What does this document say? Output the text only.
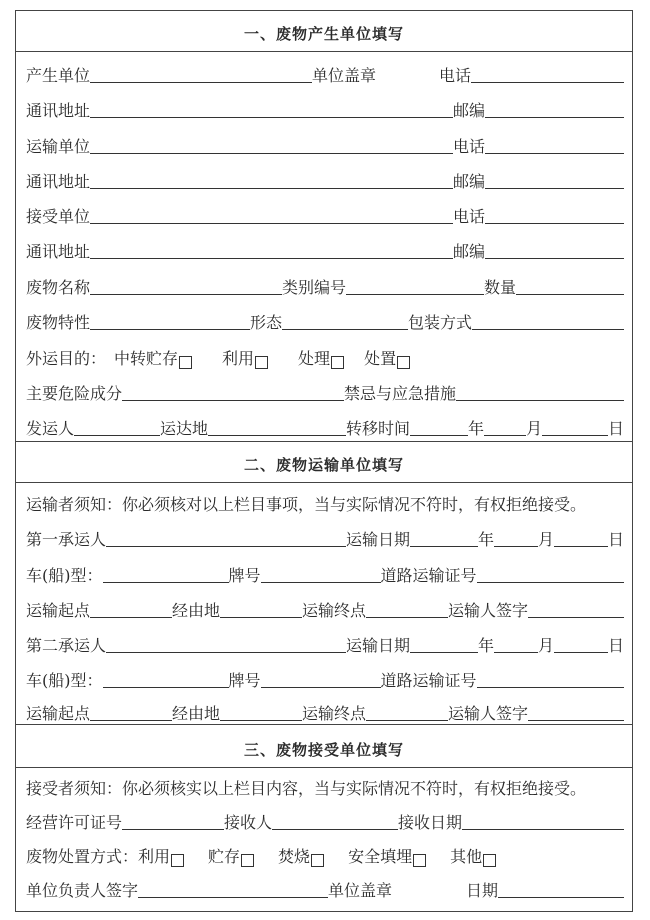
一、废物产生单位填写
产生单位	单位盖章	电话
通讯地址	邮编
运输单位	电话
通讯地址	邮编
接受单位	电话
通讯地址	邮编
废物名称	类别编号	数量
废物特性	形态	包装方式
外运目的： 中转贮存	利用	处理 处置
主要危险成分	禁忌与应急措施
发运人	运达地	转移时间	年	月	日
二、废物运输单位填写
运输者须知：你必须核对以上栏目事项，当与实际情况不符时，有权拒绝接受。
第一承运人	运输日期	年	月	日
车(船)型：	牌号	道路运输证号
运输起点	经由地	运输终点	运输人签字
第二承运人	运输日期	年	月	日
车(船)型：	牌号	道路运输证号
运输起点	经由地	运输终点	运输人签字
三、废物接受单位填写
接受者须知：你必须核实以上栏目内容，当与实际情况不符时，有权拒绝接受。
经营许可证号	接收人	接收日期
废物处置方式： 利用 贮存 焚烧 安全填埋 其他
单位负责人签字	单位盖章	日期
